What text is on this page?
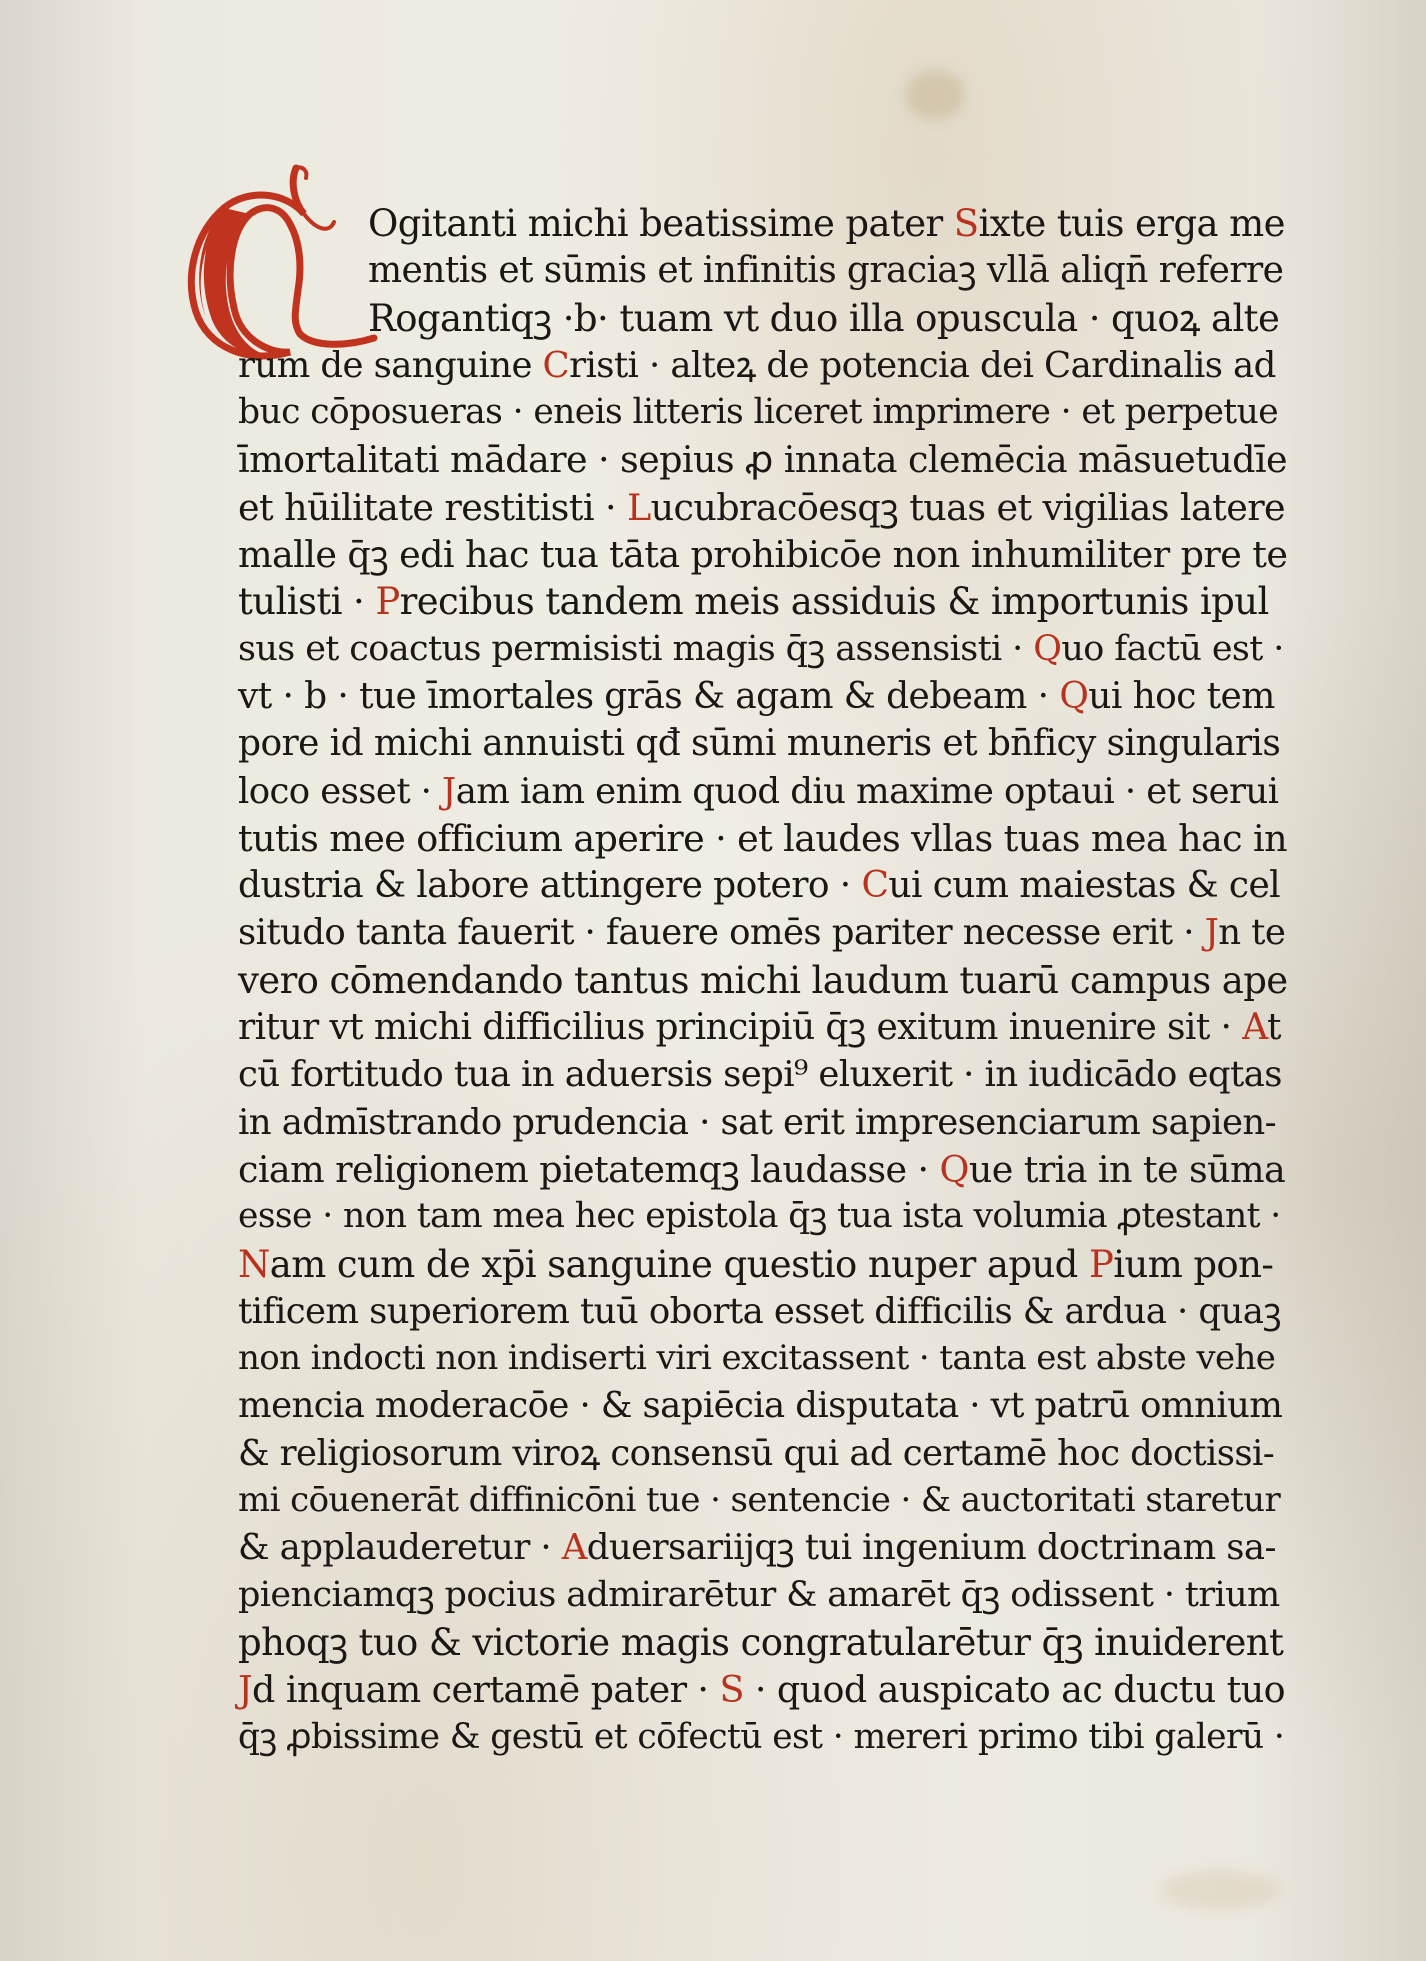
Ogitanti michi beatissime pater Sixte tuis erga me
mentis et sūmis et infinitis graciaꝫ vllā aliqn̄ referre
Rogantiqꝫ ·b· tuam vt duo illa opuscula · quoꝝ alte
rum de sanguine Cristi · alteꝝ de potencia dei Cardinalis ad
buc cōposueras · eneis litteris liceret imprimere · et perpetue
īmortalitati mādare · sepius ꝓ innata clemēcia māsuetudīe
et hūilitate restitisti · Lucubracōesqꝫ tuas et vigilias latere
malle q̄ꝫ edi hac tua tāta prohibicōe non inhumiliter pre te
tulisti · Precibus tandem meis assiduis & importunis ipul
sus et coactus permisisti magis q̄ꝫ assensisti · Quo factū est ·
vt · b · tue īmortales grās & agam & debeam · Qui hoc tem
pore id michi annuisti qđ sūmi muneris et bn̄ficy singularis
loco esset · Jam iam enim quod diu maxime optaui · et serui
tutis mee officium aperire · et laudes vllas tuas mea hac in
dustria & labore attingere potero · Cui cum maiestas & cel
situdo tanta fauerit · fauere omēs pariter necesse erit · Jn te
vero cōmendando tantus michi laudum tuarū campus ape
ritur vt michi difficilius principiū q̄ꝫ exitum inuenire sit · At
cū fortitudo tua in aduersis sepi⁹ eluxerit · in iudicādo eqtas
in admīstrando prudencia · sat erit impresenciarum sapien-
ciam religionem pietatemqꝫ laudasse · Que tria in te sūma
esse · non tam mea hec epistola q̄ꝫ tua ista volumia ꝓtestant ·
Nam cum de xp̄i sanguine questio nuper apud Pium pon-
tificem superiorem tuū oborta esset difficilis & ardua · quaꝫ
non indocti non indiserti viri excitassent · tanta est abste vehe
mencia moderacōe · & sapiēcia disputata · vt patrū omnium
& religiosorum viroꝝ consensū qui ad certamē hoc doctissi-
mi cōuenerāt diffinicōni tue · sentencie · & auctoritati staretur
& applauderetur · Aduersariijqꝫ tui ingenium doctrinam sa-
pienciamqꝫ pocius admirarētur & amarēt q̄ꝫ odissent · trium
phoqꝫ tuo & victorie magis congratularētur q̄ꝫ inuiderent
Jd inquam certamē pater · S · quod auspicato ac ductu tuo
q̄ꝫ ꝓbissime & gestū et cōfectū est · mereri primo tibi galerū ·
